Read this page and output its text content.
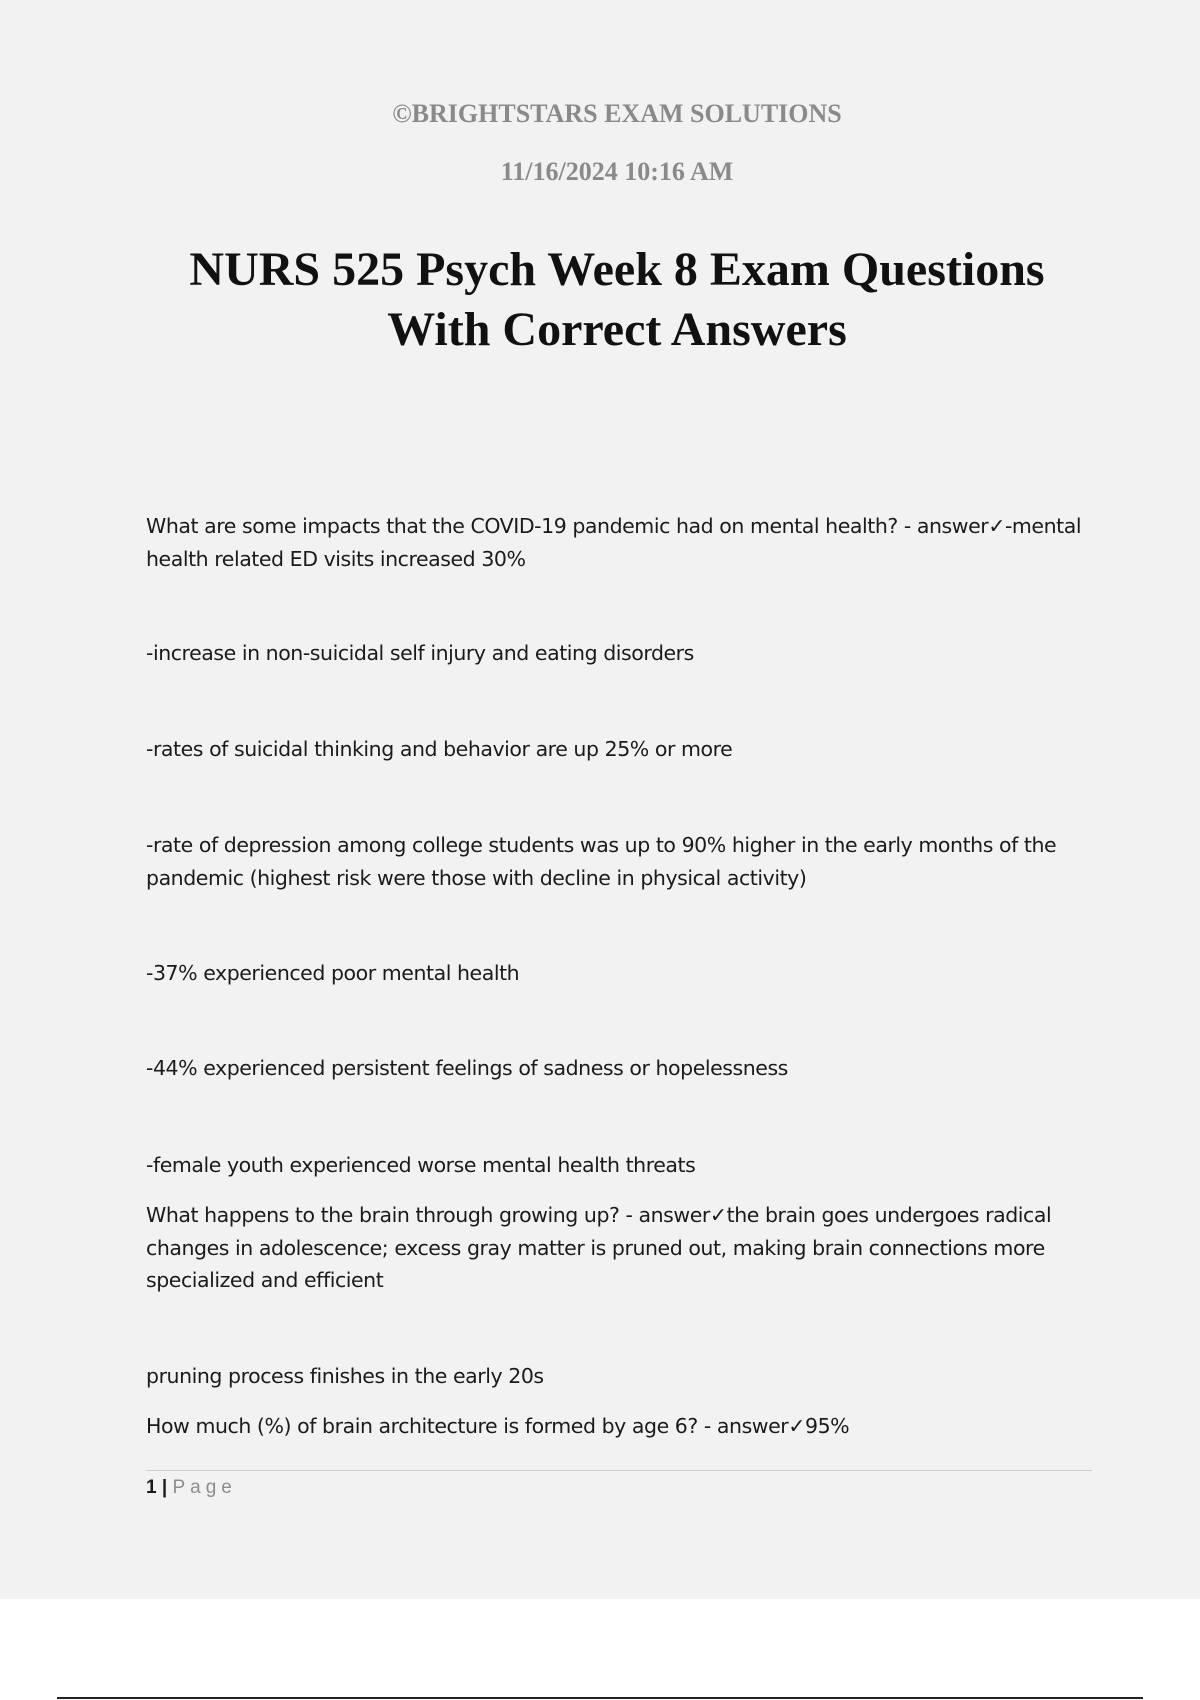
©BRIGHTSTARS EXAM SOLUTIONS
11/16/2024 10:16 AM
NURS 525 Psych Week 8 Exam Questions
With Correct Answers

What are some impacts that the COVID-19 pandemic had on mental health? - answer✓-mental health related ED visits increased 30%

-increase in non-suicidal self injury and eating disorders

-rates of suicidal thinking and behavior are up 25% or more

-rate of depression among college students was up to 90% higher in the early months of the pandemic (highest risk were those with decline in physical activity)

-37% experienced poor mental health

-44% experienced persistent feelings of sadness or hopelessness

-female youth experienced worse mental health threats

What happens to the brain through growing up? - answer✓the brain goes undergoes radical changes in adolescence; excess gray matter is pruned out, making brain connections more specialized and efficient

pruning process finishes in the early 20s

How much (%) of brain architecture is formed by age 6? - answer✓95%

1 | Page
